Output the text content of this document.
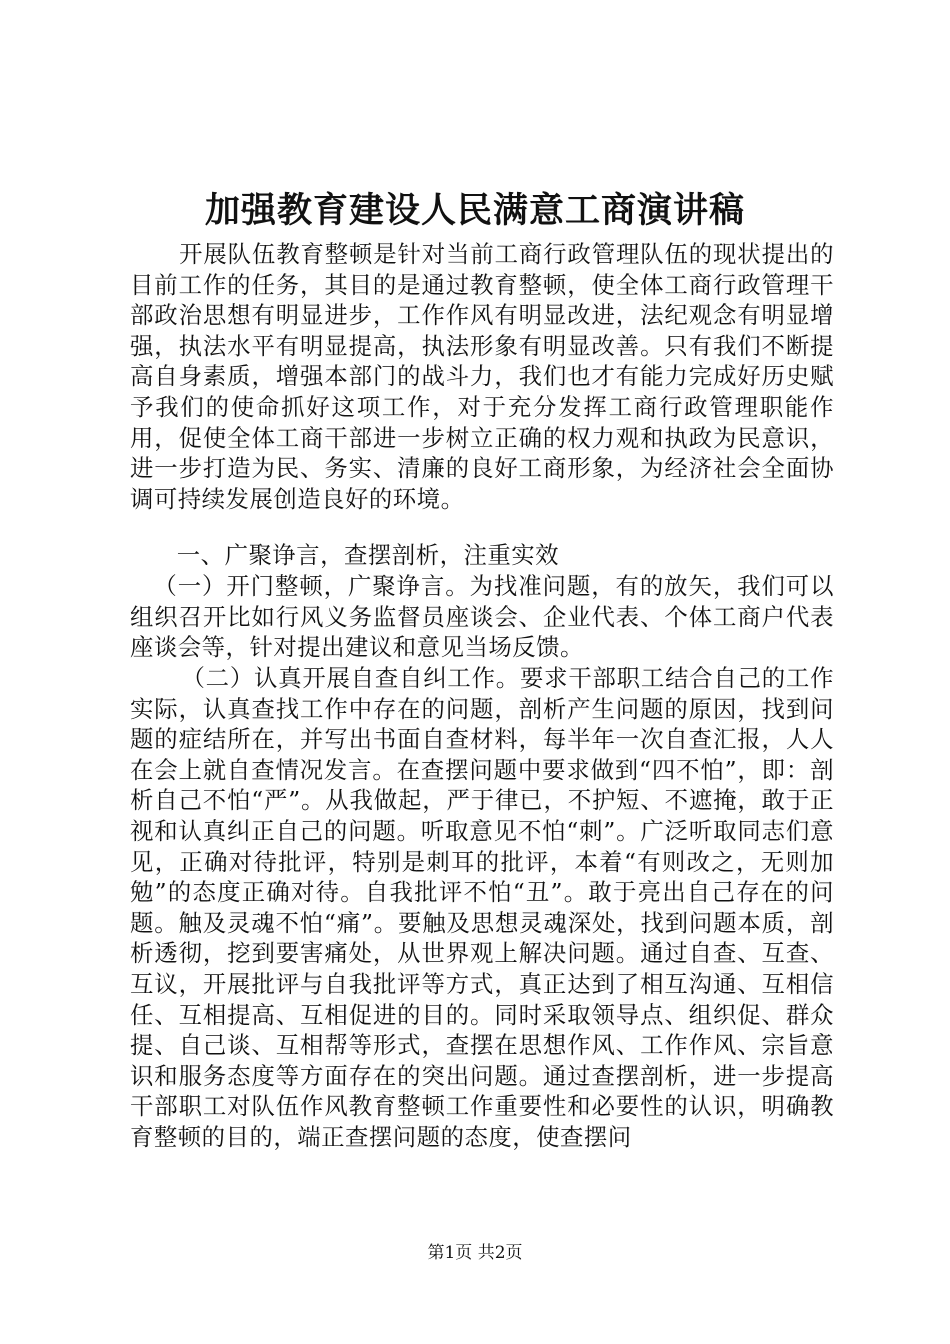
加强教育建设人民满意工商演讲稿

开展队伍教育整顿是针对当前工商行政管理队伍的现状提出的目前工作的任务，其目的是通过教育整顿，使全体工商行政管理干部政治思想有明显进步，工作作风有明显改进，法纪观念有明显增强，执法水平有明显提高，执法形象有明显改善。只有我们不断提高自身素质，增强本部门的战斗力，我们也才有能力完成好历史赋予我们的使命抓好这项工作，对于充分发挥工商行政管理职能作用，促使全体工商干部进一步树立正确的权力观和执政为民意识，进一步打造为民、务实、清廉的良好工商形象，为经济社会全面协调可持续发展创造良好的环境。

一、广聚诤言，查摆剖析，注重实效

（一）开门整顿，广聚诤言。为找准问题，有的放矢，我们可以组织召开比如行风义务监督员座谈会、企业代表、个体工商户代表座谈会等，针对提出建议和意见当场反馈。

（二）认真开展自查自纠工作。要求干部职工结合自己的工作实际，认真查找工作中存在的问题，剖析产生问题的原因，找到问题的症结所在，并写出书面自查材料，每半年一次自查汇报，人人在会上就自查情况发言。在查摆问题中要求做到“四不怕”，即：剖析自己不怕“严”。从我做起，严于律已，不护短、不遮掩，敢于正视和认真纠正自己的问题。听取意见不怕“刺”。广泛听取同志们意见，正确对待批评，特别是刺耳的批评，本着“有则改之，无则加勉”的态度正确对待。自我批评不怕“丑”。敢于亮出自己存在的问题。触及灵魂不怕“痛”。要触及思想灵魂深处，找到问题本质，剖析透彻，挖到要害痛处，从世界观上解决问题。通过自查、互查、互议，开展批评与自我批评等方式，真正达到了相互沟通、互相信任、互相提高、互相促进的目的。同时采取领导点、组织促、群众提、自己谈、互相帮等形式，查摆在思想作风、工作作风、宗旨意识和服务态度等方面存在的突出问题。通过查摆剖析，进一步提高干部职工对队伍作风教育整顿工作重要性和必要性的认识，明确教育整顿的目的，端正查摆问题的态度，使查摆问

第1页 共2页
